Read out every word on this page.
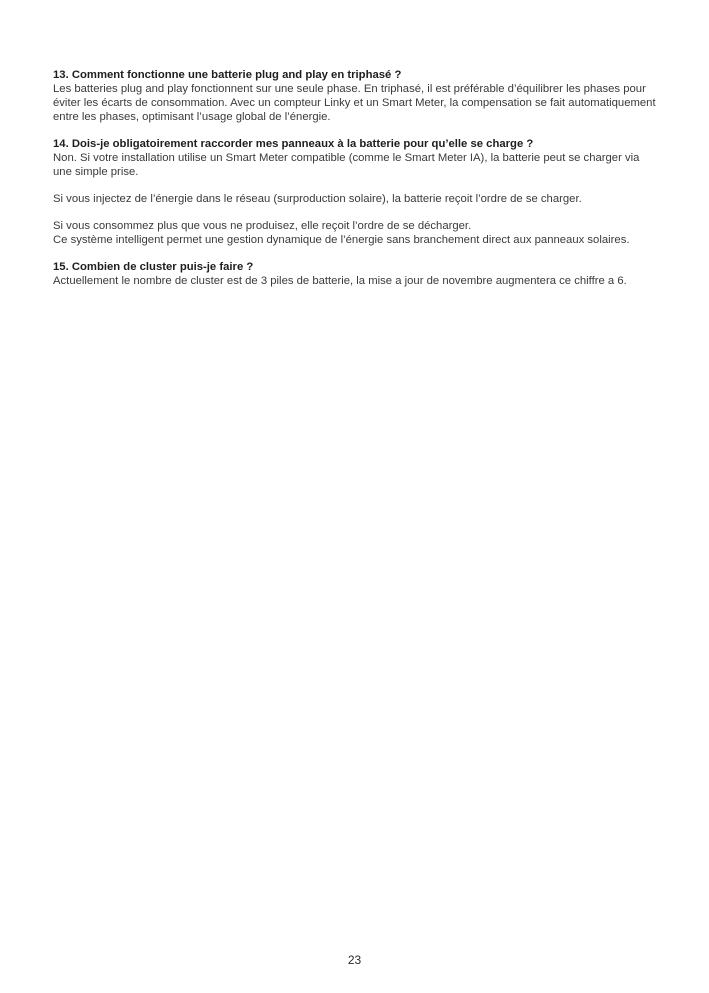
13. Comment fonctionne une batterie plug and play en triphasé ?

Les batteries plug and play fonctionnent sur une seule phase. En triphasé, il est préférable d’équilibrer les phases pour éviter les écarts de consommation. Avec un compteur Linky et un Smart Meter, la compensation se fait automatiquement entre les phases, optimisant l’usage global de l’énergie.

14. Dois-je obligatoirement raccorder mes panneaux à la batterie pour qu’elle se charge ?

Non. Si votre installation utilise un Smart Meter compatible (comme le Smart Meter IA), la batterie peut se charger via une simple prise.

Si vous injectez de l’énergie dans le réseau (surproduction solaire), la batterie reçoit l’ordre de se charger.

Si vous consommez plus que vous ne produisez, elle reçoit l’ordre de se décharger.

Ce système intelligent permet une gestion dynamique de l’énergie sans branchement direct aux panneaux solaires.

15. Combien de cluster puis-je faire ?

Actuellement le nombre de cluster est de 3 piles de batterie, la mise a jour de novembre augmentera ce chiffre a 6.

23
